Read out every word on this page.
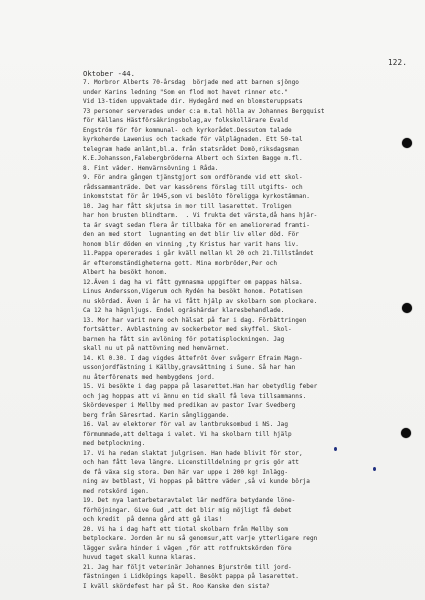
122.
Oktober -44.
7. Morbror Alberts 70-årsdag  började med att barnen sjöngo
under Karins ledning "Som en flod mot havet rinner etc."
Vid 13-tiden uppvaktade dir. Hydegård med en blomsteruppsats
73 personer serverades under c:a m.tal hölla av Johannes Bergquist
för Källans Hästförsäkringsbolag,av folkskollärare Evald
Engström för för kommunal- och kyrkorådet.Dessutom talade
kyrkoherde Lawenius och tackade för välplägnaden. Ett 50-tal
telegram hade anlänt,bl.a. från statsrådet Domö,riksdagsman
K.E.Johansson,Falebergbröderna Albert och Sixten Bagge m.fl.
8. Fint väder. Hemvärnsövning i Råda.
9. För andra gången tjänstgjort som ordförande vid ett skol-
rådssammanträde. Det var kassörens förslag till utgifts- och
inkomststat för år 1945,som vi beslöto föreligga kyrkostämman.
10. Jag har fått skjutsa in mor till lasarettet. Troligen
har hon brusten blindtarm.  . Vi frukta det värsta,då hans hjär-
ta är svagt sedan flera år tillbaka för en ameliorerad framti-
den an med stort  lugnanting en det blir liv eller död. För
honom blir döden en vinning ,ty Kristus har varit hans liv.
11.Pappa opererades i går kväll mellan kl 20 och 21.Tillståndet
är efteromständigheterna gott. Mina morbröder,Per och
Albert ha besökt honom.
12.Även i dag ha vi fått gymnasma uppgifter om pappas hälsa.
Linus Andersson,Vigerum och Rydén ha besökt honom. Potatisen
nu skördad. Även i år ha vi fått hjälp av skolbarn som plockare.
Ca 12 ha hägnljugs. Endel ogräshärdar klaresbehandlade.
13. Mor har varit nere och hälsat på far i dag. Förbättringen
fortsätter. Avblastning av sockerbetor med skyffel. Skol-
barnen ha fått sin avlöning för potatisplockningen. Jag
skall nu ut på nattövning med hemvärnet.
14. Kl 0.30. I dag vigdes ättefröt över svågerr Efraim Magn-
ussonjordfästning i Källby,gravsättning i Sune. Så har han
nu återförenats med hembygdens jord.
15. Vi besökte i dag pappa på lasarettet.Han har obetydlig feber
och jag hoppas att vi ännu en tid skall få leva tillsammanns.
Skördevesper i Mellby med predikan av pastor Ivar Svedberg
berg från Säresrtad. Karin sångliggande.
16. Val av elektorer för val av lantbruksombud i NS. Jag
förmummade,att deltaga i valet. Vi ha skolbarn till hjälp
med betplockning.
17. Vi ha redan slaktat julgrisen. Han hade blivit för stor,
och han fått leva längre. Licenstilldelning pr gris gör att
de få växa sig stora. Den här var uppe i 200 kg! Inlägg-
ning av betblast, Vi hoppas på bättre väder ,så vi kunde börja
med rotskörd igen.
19. Det nya lantarbetaravtalet lär medföra betydande löne-
förhöjningar. Give Gud ,att det blir mig möjligt få debet
och kredit  på denna gård att gå ilas!
20. Vi ha i dag haft ett tiotal skolbarn från Mellby som
betplockare. Jorden är nu så genomsur,att varje ytterligare regn
lägger svåra hinder i vägen ,för att rotfruktskörden före
huvud taget skall kunna klaras.
21. Jag har följt veterinär Johannes Bjurström till jord-
fästningen i Lidköpings kapell. Besökt pappa på lasarettet.
I kväll skördefest har på St. Roo Kanske den sista?
